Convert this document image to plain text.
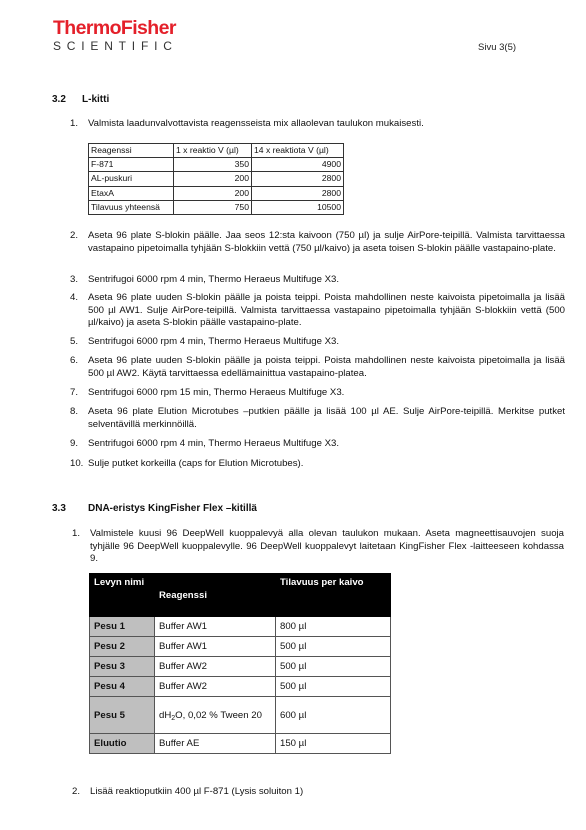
ThermoFisher
SCIENTIFIC	Sivu 3(5)
3.2 L-kitti
1.	Valmista laadunvalvottavista reagensseista mix allaolevan taulukon mukaisesti.
2.	Aseta 96 plate S-blokin päälle. Jaa seos 12:sta kaivoon (750 µl) ja sulje AirPore-teipillä. Valmista tarvittaessa vastapaino pipetoimalla tyhjään S-blokkiin vettä (750 µl/kaivo) ja aseta toisen S-blokin päälle vastapaino-plate.
3.	Sentrifugoi 6000 rpm 4 min, Thermo Heraeus Multifuge X3.
4.	Aseta 96 plate uuden S-blokin päälle ja poista teippi. Poista mahdollinen neste kaivoista pipetoimalla ja lisää 500 µl AW1. Sulje AirPore-teipillä. Valmista tarvittaessa vastapaino pipetoimalla tyhjään S-blokkiin vettä (500 µl/kaivo) ja aseta S-blokin päälle vastapaino-plate.
5.	Sentrifugoi 6000 rpm 4 min, Thermo Heraeus Multifuge X3.
6.	Aseta 96 plate uuden S-blokin päälle ja poista teippi. Poista mahdollinen neste kaivoista pipetoimalla ja lisää 500 µl AW2. Käytä tarvittaessa edellämainittua vastapaino-platea.
7.	Sentrifugoi 6000 rpm 15 min, Thermo Heraeus Multifuge X3.
8.	Aseta 96 plate Elution Microtubes –putkien päälle ja lisää 100 µl AE. Sulje AirPore-teipillä. Merkitse putket selventävillä merkinnöillä.
9.	Sentrifugoi 6000 rpm 4 min, Thermo Heraeus Multifuge X3.
10. Sulje putket korkeilla (caps for Elution Microtubes).
Reagenssi	1 x reaktio V (µl)	14 x reaktiota V (µl)
F-871	350	4900
AL-puskuri	200	2800
EtaxA	200	2800
Tilavuus yhteensä	750	10500
3.3 DNA-eristys KingFisher Flex –kitillä
1.	Valmistele kuusi 96 DeepWell kuoppalevyä alla olevan taulukon mukaan. Aseta magneettisauvojen suoja tyhjälle 96 DeepWell kuoppalevylle. 96 DeepWell kuoppalevyt laitetaan KingFisher Flex -laitteeseen kohdassa 9.
2.	Lisää reaktioputkiin 400 µl F-871 (Lysis soluiton 1)
Levyn nimi	Reagenssi	Tilavuus per kaivo
Pesu 1	Buffer AW1	800 µl
Pesu 2	Buffer AW1	500 µl
Pesu 3	Buffer AW2	500 µl
Pesu 4	Buffer AW2	500 µl
Pesu 5	$dH_2O$, 0,02 % Tween 20	600 µl
Eluutio	Buffer AE	150 µl
